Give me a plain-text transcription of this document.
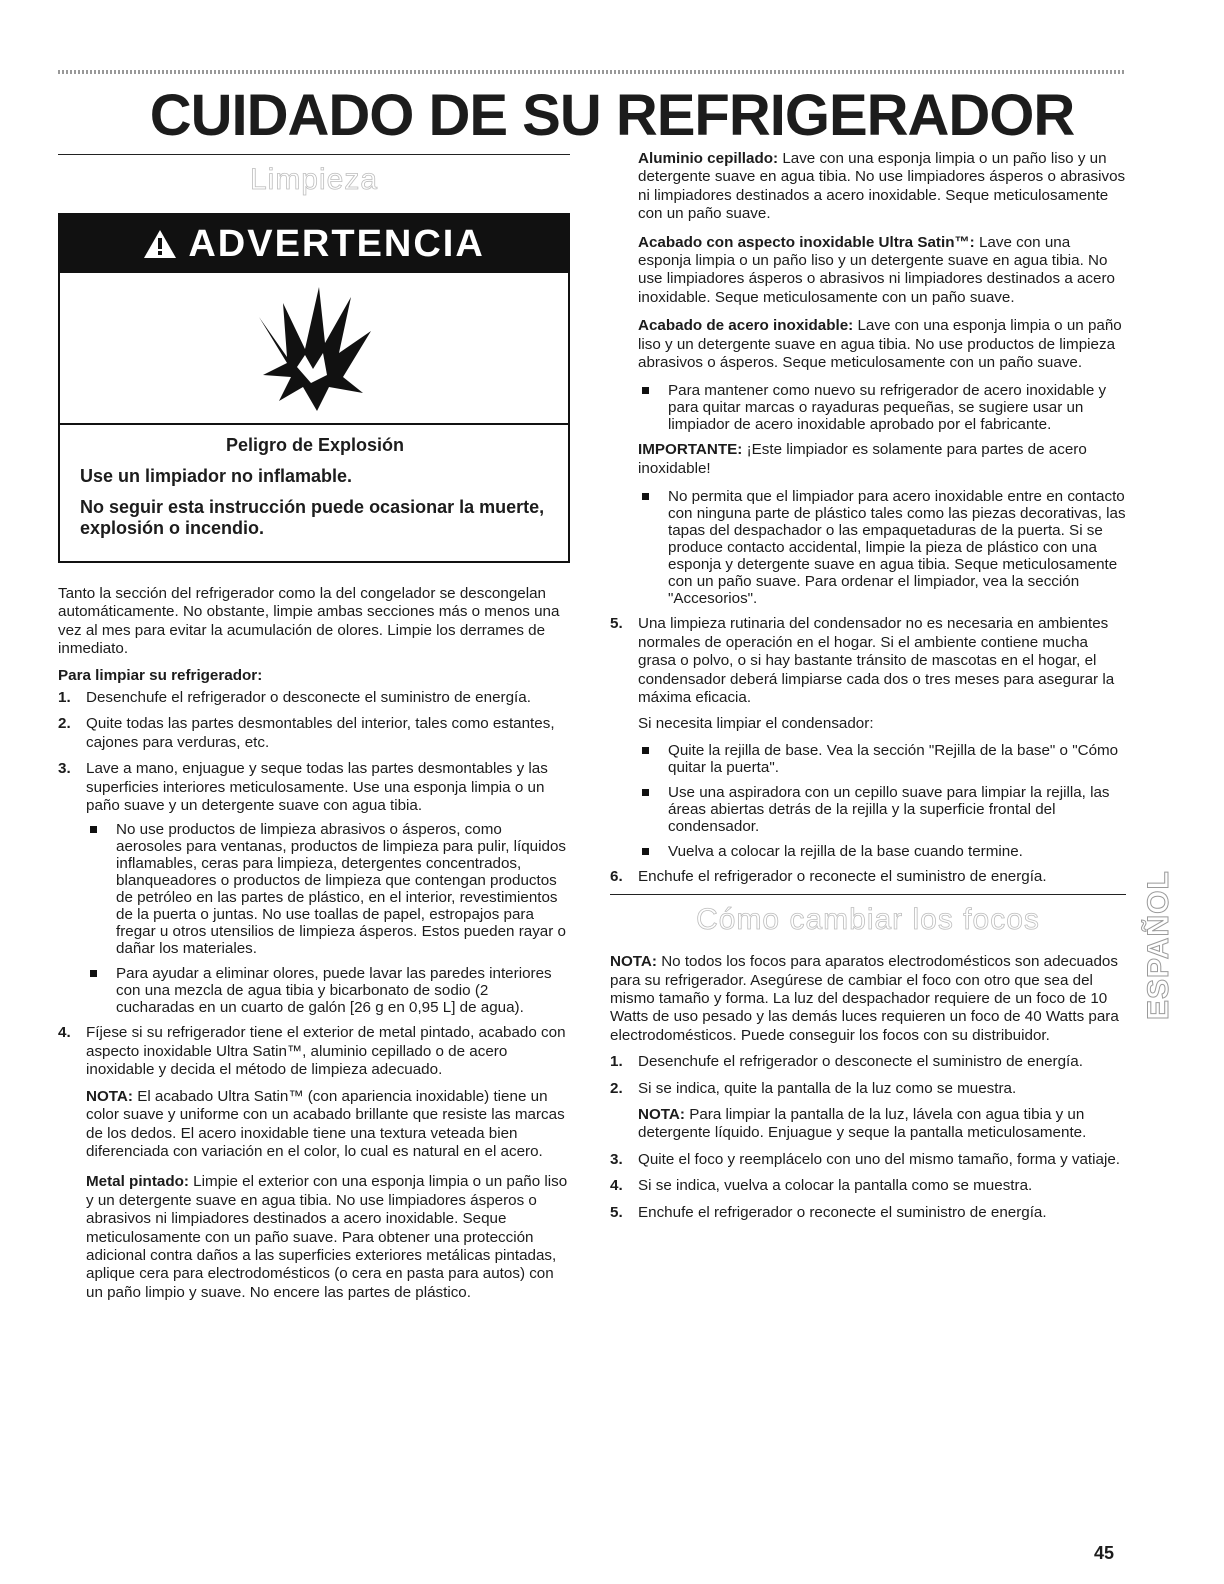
CUIDADO DE SU REFRIGERADOR
Limpieza
ADVERTENCIA

Peligro de Explosión

Use un limpiador no inflamable.

No seguir esta instrucción puede ocasionar la muerte, explosión o incendio.

Tanto la sección del refrigerador como la del congelador se descongelan automáticamente. No obstante, limpie ambas secciones más o menos una vez al mes para evitar la acumulación de olores. Limpie los derrames de inmediato.

Para limpiar su refrigerador:

1. Desenchufe el refrigerador o desconecte el suministro de energía.
2. Quite todas las partes desmontables del interior, tales como estantes, cajones para verduras, etc.
3. Lave a mano, enjuague y seque todas las partes desmontables y las superficies interiores meticulosamente. Use una esponja limpia o un paño suave y un detergente suave con agua tibia.
No use productos de limpieza abrasivos o ásperos, como aerosoles para ventanas, productos de limpieza para pulir, líquidos inflamables, ceras para limpieza, detergentes concentrados, blanqueadores o productos de limpieza que contengan productos de petróleo en las partes de plástico, en el interior, revestimientos de la puerta o juntas. No use toallas de papel, estropajos para fregar u otros utensilios de limpieza ásperos. Estos pueden rayar o dañar los materiales.
Para ayudar a eliminar olores, puede lavar las paredes interiores con una mezcla de agua tibia y bicarbonato de sodio (2 cucharadas en un cuarto de galón [26 g en 0,95 L] de agua).
4. Fíjese si su refrigerador tiene el exterior de metal pintado, acabado con aspecto inoxidable Ultra Satin™, aluminio cepillado o de acero inoxidable y decida el método de limpieza adecuado.

NOTA: El acabado Ultra Satin™ (con apariencia inoxidable) tiene un color suave y uniforme con un acabado brillante que resiste las marcas de los dedos. El acero inoxidable tiene una textura veteada bien diferenciada con variación en el color, lo cual es natural en el acero.

Metal pintado: Limpie el exterior con una esponja limpia o un paño liso y un detergente suave en agua tibia. No use limpiadores ásperos o abrasivos ni limpiadores destinados a acero inoxidable. Seque meticulosamente con un paño suave. Para obtener una protección adicional contra daños a las superficies exteriores metálicas pintadas, aplique cera para electrodomésticos (o cera en pasta para autos) con un paño limpio y suave. No encere las partes de plástico.

Aluminio cepillado: Lave con una esponja limpia o un paño liso y un detergente suave en agua tibia. No use limpiadores ásperos o abrasivos ni limpiadores destinados a acero inoxidable. Seque meticulosamente con un paño suave.

Acabado con aspecto inoxidable Ultra Satin™: Lave con una esponja limpia o un paño liso y un detergente suave en agua tibia. No use limpiadores ásperos o abrasivos ni limpiadores destinados a acero inoxidable. Seque meticulosamente con un paño suave.

Acabado de acero inoxidable: Lave con una esponja limpia o un paño liso y un detergente suave en agua tibia. No use productos de limpieza abrasivos o ásperos. Seque meticulosamente con un paño suave.

Para mantener como nuevo su refrigerador de acero inoxidable y para quitar marcas o rayaduras pequeñas, se sugiere usar un limpiador de acero inoxidable aprobado por el fabricante.

IMPORTANTE: ¡Este limpiador es solamente para partes de acero inoxidable!

No permita que el limpiador para acero inoxidable entre en contacto con ninguna parte de plástico tales como las piezas decorativas, las tapas del despachador o las empaquetaduras de la puerta. Si se produce contacto accidental, limpie la pieza de plástico con una esponja y detergente suave en agua tibia. Seque meticulosamente con un paño suave. Para ordenar el limpiador, vea la sección "Accesorios".
5. Una limpieza rutinaria del condensador no es necesaria en ambientes normales de operación en el hogar. Si el ambiente contiene mucha grasa o polvo, o si hay bastante tránsito de mascotas en el hogar, el condensador deberá limpiarse cada dos o tres meses para asegurar la máxima eficacia.

Si necesita limpiar el condensador:

Quite la rejilla de base. Vea la sección "Rejilla de la base" o "Cómo quitar la puerta".
Use una aspiradora con un cepillo suave para limpiar la rejilla, las áreas abiertas detrás de la rejilla y la superficie frontal del condensador.
Vuelva a colocar la rejilla de la base cuando termine.
6. Enchufe el refrigerador o reconecte el suministro de energía.
Cómo cambiar los focos

NOTA: No todos los focos para aparatos electrodomésticos son adecuados para su refrigerador. Asegúrese de cambiar el foco con otro que sea del mismo tamaño y forma. La luz del despachador requiere de un foco de 10 Watts de uso pesado y las demás luces requieren un foco de 40 Watts para electrodomésticos. Puede conseguir los focos con su distribuidor.

1. Desenchufe el refrigerador o desconecte el suministro de energía.
2. Si se indica, quite la pantalla de la luz como se muestra.

NOTA: Para limpiar la pantalla de la luz, lávela con agua tibia y un detergente líquido. Enjuague y seque la pantalla meticulosamente.

3. Quite el foco y reemplácelo con uno del mismo tamaño, forma y vatiaje.
4. Si se indica, vuelva a colocar la pantalla como se muestra.
5. Enchufe el refrigerador o reconecte el suministro de energía.
ESPAÑOL
45
